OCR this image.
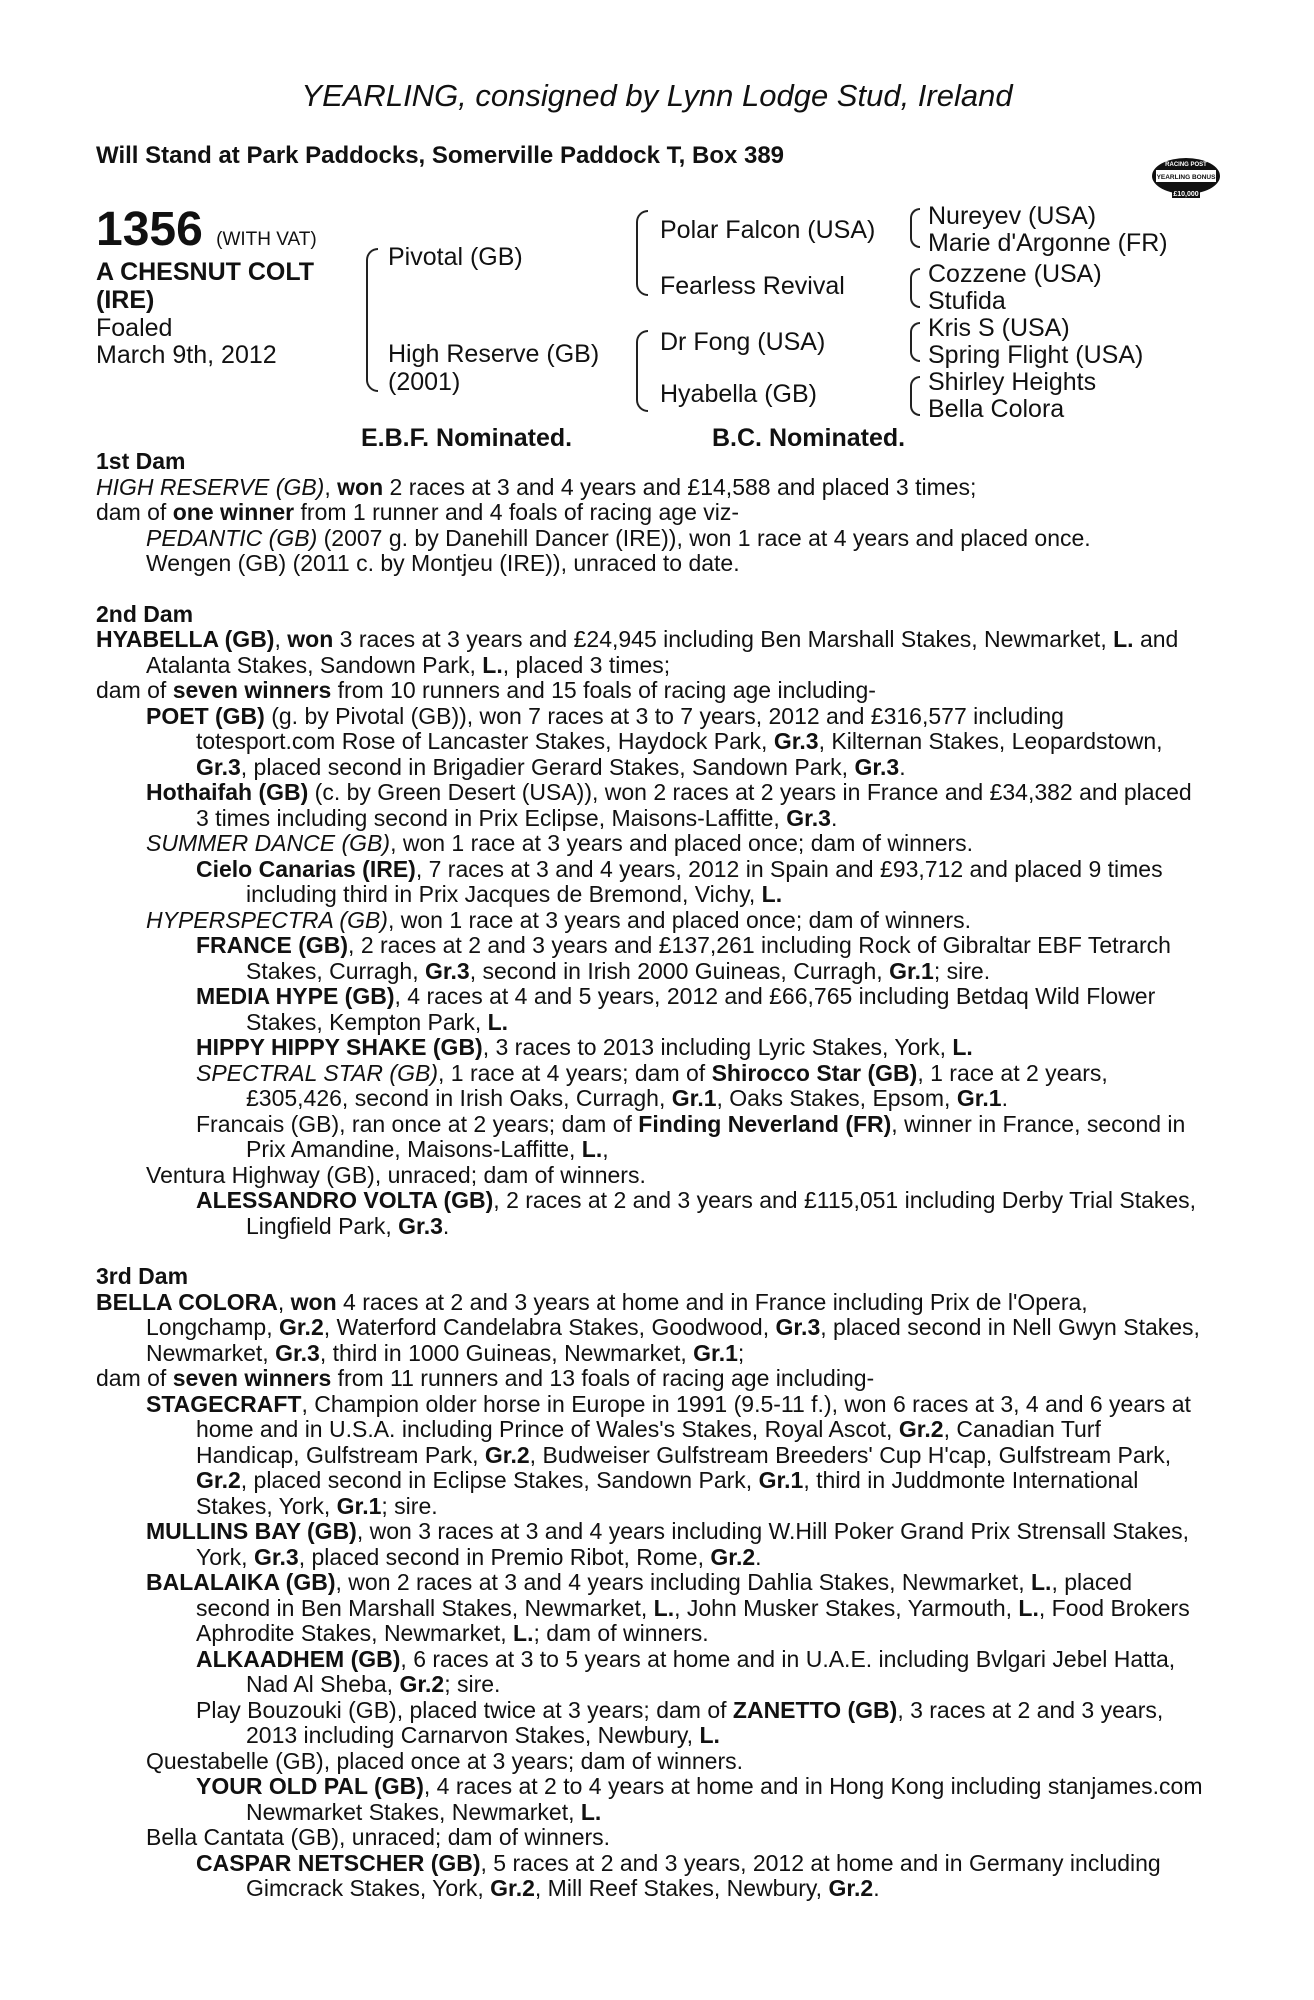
YEARLING, consigned by Lynn Lodge Stud, Ireland
Will Stand at Park Paddocks, Somerville Paddock T, Box 389	RACING POST
YEARLING BONUS
£10,000
1356 (WITH VAT)
A CHESNUT COLT
(IRE)
Foaled
March 9th, 2012
Pivotal (GB)
High Reserve (GB)
(2001)
Polar Falcon (USA)
Fearless Revival
Dr Fong (USA)
Hyabella (GB)
Nureyev (USA)
Marie d'Argonne (FR)
Cozzene (USA)
Stufida
Kris S (USA)
Spring Flight (USA)
Shirley Heights
Bella Colora
E.B.F. Nominated.	B.C. Nominated.

1st Dam

HIGH RESERVE (GB), won 2 races at 3 and 4 years and £14,588 and placed 3 times;

dam of one winner from 1 runner and 4 foals of racing age viz-

PEDANTIC (GB) (2007 g. by Danehill Dancer (IRE)), won 1 race at 4 years and placed once.

Wengen (GB) (2011 c. by Montjeu (IRE)), unraced to date.

2nd Dam

HYABELLA (GB), won 3 races at 3 years and £24,945 including Ben Marshall Stakes, Newmarket, L. and Atalanta Stakes, Sandown Park, L., placed 3 times;

dam of seven winners from 10 runners and 15 foals of racing age including-

POET (GB) (g. by Pivotal (GB)), won 7 races at 3 to 7 years, 2012 and £316,577 including totesport.com Rose of Lancaster Stakes, Haydock Park, Gr.3, Kilternan Stakes, Leopardstown, Gr.3, placed second in Brigadier Gerard Stakes, Sandown Park, Gr.3.

Hothaifah (GB) (c. by Green Desert (USA)), won 2 races at 2 years in France and £34,382 and placed 3 times including second in Prix Eclipse, Maisons-Laffitte, Gr.3.

SUMMER DANCE (GB), won 1 race at 3 years and placed once; dam of winners.

Cielo Canarias (IRE), 7 races at 3 and 4 years, 2012 in Spain and £93,712 and placed 9 times including third in Prix Jacques de Bremond, Vichy, L.

HYPERSPECTRA (GB), won 1 race at 3 years and placed once; dam of winners.

FRANCE (GB), 2 races at 2 and 3 years and £137,261 including Rock of Gibraltar EBF Tetrarch Stakes, Curragh, Gr.3, second in Irish 2000 Guineas, Curragh, Gr.1; sire.

MEDIA HYPE (GB), 4 races at 4 and 5 years, 2012 and £66,765 including Betdaq Wild Flower Stakes, Kempton Park, L.

HIPPY HIPPY SHAKE (GB), 3 races to 2013 including Lyric Stakes, York, L.

SPECTRAL STAR (GB), 1 race at 4 years; dam of Shirocco Star (GB), 1 race at 2 years, £305,426, second in Irish Oaks, Curragh, Gr.1, Oaks Stakes, Epsom, Gr.1.

Francais (GB), ran once at 2 years; dam of Finding Neverland (FR), winner in France, second in Prix Amandine, Maisons-Laffitte, L.,

Ventura Highway (GB), unraced; dam of winners.

ALESSANDRO VOLTA (GB), 2 races at 2 and 3 years and £115,051 including Derby Trial Stakes, Lingfield Park, Gr.3.

3rd Dam

BELLA COLORA, won 4 races at 2 and 3 years at home and in France including Prix de l'Opera, Longchamp, Gr.2, Waterford Candelabra Stakes, Goodwood, Gr.3, placed second in Nell Gwyn Stakes, Newmarket, Gr.3, third in 1000 Guineas, Newmarket, Gr.1;

dam of seven winners from 11 runners and 13 foals of racing age including-

STAGECRAFT, Champion older horse in Europe in 1991 (9.5-11 f.), won 6 races at 3, 4 and 6 years at home and in U.S.A. including Prince of Wales's Stakes, Royal Ascot, Gr.2, Canadian Turf Handicap, Gulfstream Park, Gr.2, Budweiser Gulfstream Breeders' Cup H'cap, Gulfstream Park, Gr.2, placed second in Eclipse Stakes, Sandown Park, Gr.1, third in Juddmonte International Stakes, York, Gr.1; sire.

MULLINS BAY (GB), won 3 races at 3 and 4 years including W.Hill Poker Grand Prix Strensall Stakes, York, Gr.3, placed second in Premio Ribot, Rome, Gr.2.

BALALAIKA (GB), won 2 races at 3 and 4 years including Dahlia Stakes, Newmarket, L., placed second in Ben Marshall Stakes, Newmarket, L., John Musker Stakes, Yarmouth, L., Food Brokers Aphrodite Stakes, Newmarket, L.; dam of winners.

ALKAADHEM (GB), 6 races at 3 to 5 years at home and in U.A.E. including Bvlgari Jebel Hatta, Nad Al Sheba, Gr.2; sire.

Play Bouzouki (GB), placed twice at 3 years; dam of ZANETTO (GB), 3 races at 2 and 3 years, 2013 including Carnarvon Stakes, Newbury, L.

Questabelle (GB), placed once at 3 years; dam of winners.

YOUR OLD PAL (GB), 4 races at 2 to 4 years at home and in Hong Kong including stanjames.com Newmarket Stakes, Newmarket, L.

Bella Cantata (GB), unraced; dam of winners.

CASPAR NETSCHER (GB), 5 races at 2 and 3 years, 2012 at home and in Germany including Gimcrack Stakes, York, Gr.2, Mill Reef Stakes, Newbury, Gr.2.
